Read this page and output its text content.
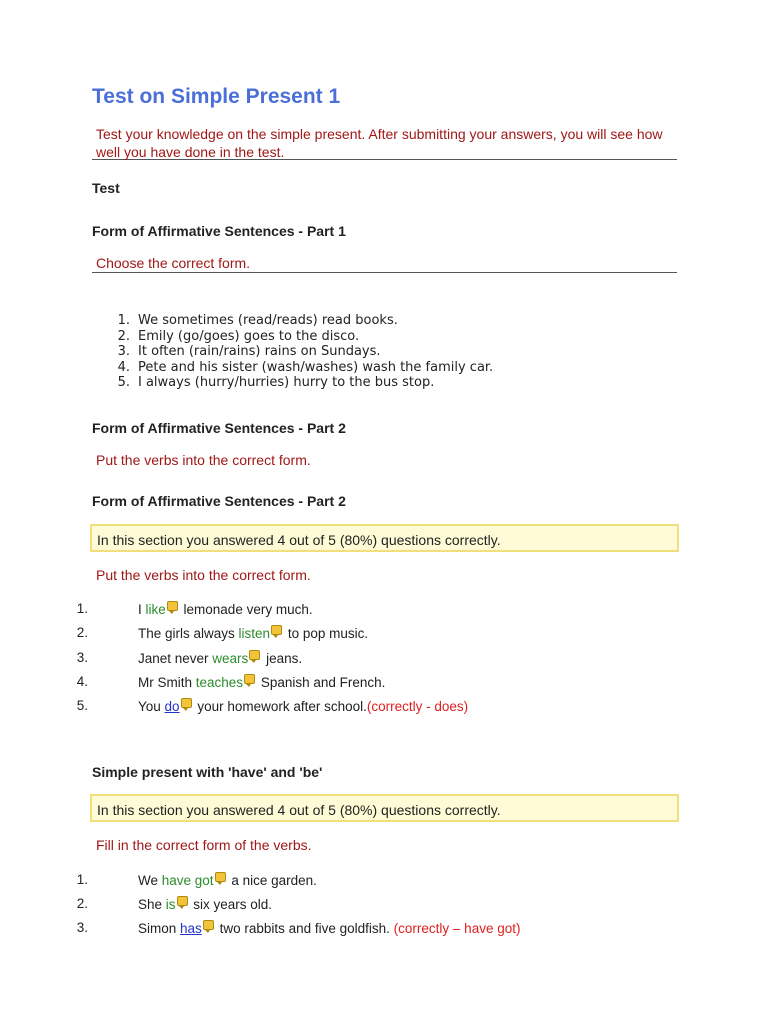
Test on Simple Present 1
Test your knowledge on the simple present. After submitting your answers, you will see how well you have done in the test.
Test
Form of Affirmative Sentences - Part 1
Choose the correct form.
1. We sometimes (read/reads) read books.
2. Emily (go/goes) goes to the disco.
3. It often (rain/rains) rains on Sundays.
4. Pete and his sister (wash/washes) wash the family car.
5. I always (hurry/hurries) hurry to the bus stop.
Form of Affirmative Sentences - Part 2
Put the verbs into the correct form.
Form of Affirmative Sentences - Part 2
In this section you answered 4 out of 5 (80%) questions correctly.
Put the verbs into the correct form.
1.	I like lemonade very much.
2.	The girls always listen to pop music.
3.	Janet never wears jeans.
4.	Mr Smith teaches Spanish and French.
5.	You do your homework after school.(correctly - does)
Simple present with 'have' and 'be'
In this section you answered 4 out of 5 (80%) questions correctly.
Fill in the correct form of the verbs.
1.	We have got a nice garden.
2.	She is six years old.
3.	Simon has two rabbits and five goldfish. (correctly – have got)
